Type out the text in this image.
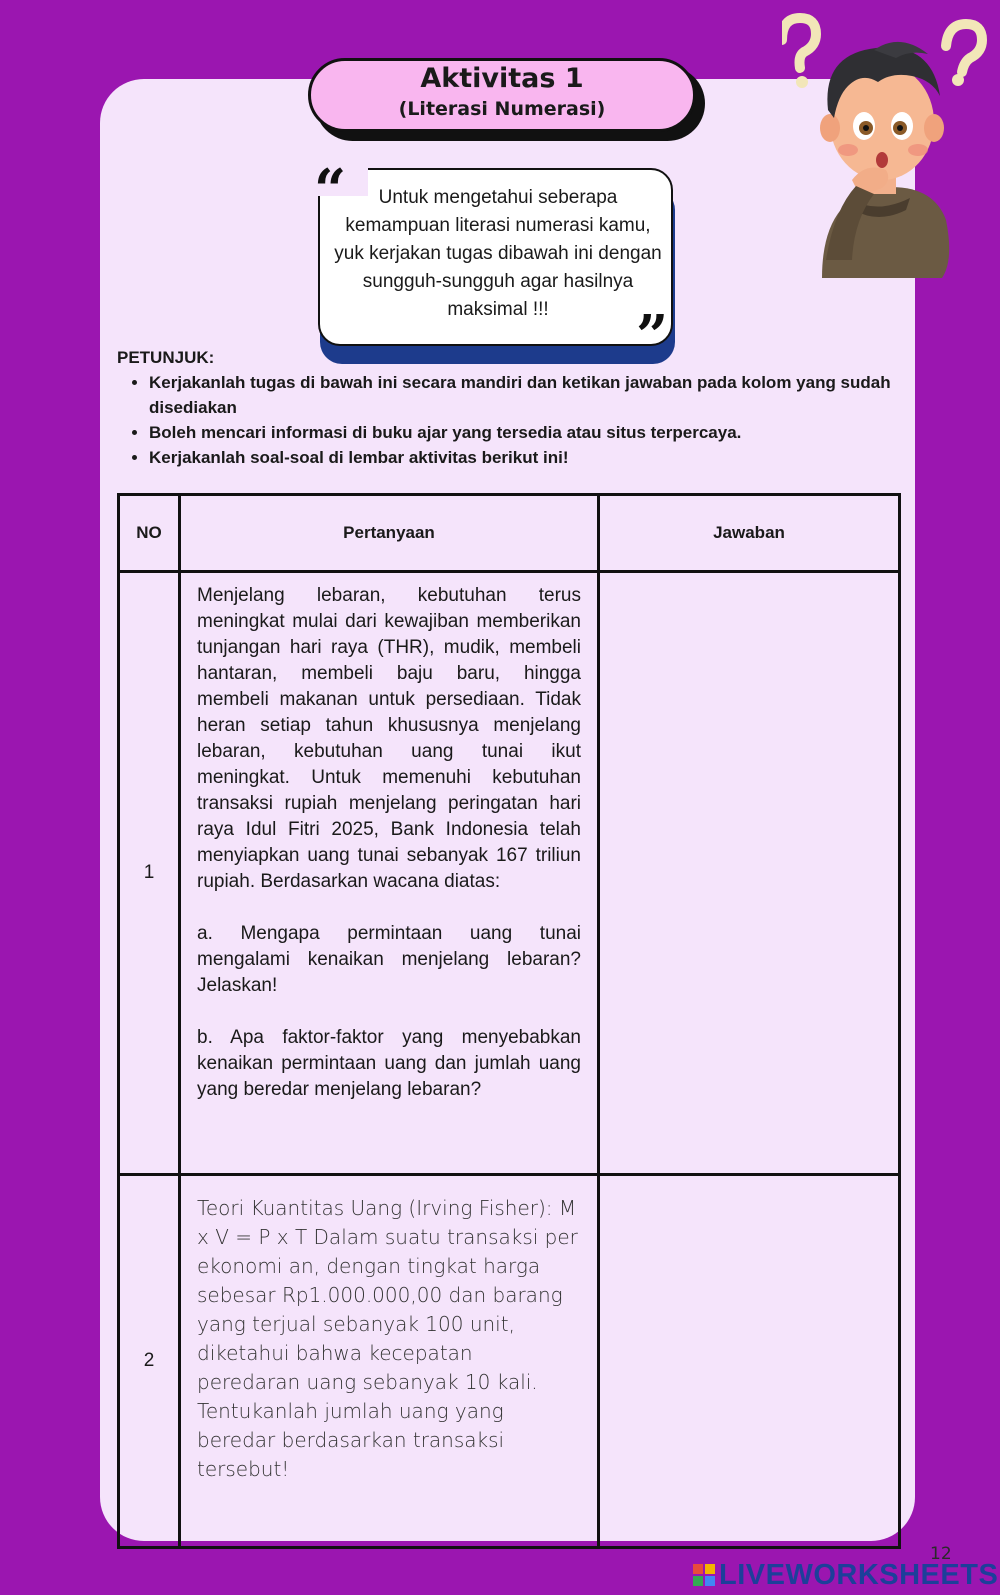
Aktivitas 1
(Literasi Numerasi)
Untuk mengetahui seberapa kemampuan literasi numerasi kamu, yuk kerjakan tugas dibawah ini dengan sungguh-sungguh agar hasilnya maksimal !!!
“
”
PETUNJUK:
• Kerjakanlah tugas di bawah ini secara mandiri dan ketikan jawaban pada kolom yang sudah disediakan
• Boleh mencari informasi di buku ajar yang tersedia atau situs terpercaya.
• Kerjakanlah soal-soal di lembar aktivitas berikut ini!
NO	Pertanyaan	Jawaban
1	Menjelang lebaran, kebutuhan terus meningkat mulai dari kewajiban memberikan tunjangan hari raya (THR), mudik, membeli hantaran, membeli baju baru, hingga membeli makanan untuk persediaan. Tidak heran setiap tahun khususnya menjelang lebaran, kebutuhan uang tunai ikut meningkat. Untuk memenuhi kebutuhan transaksi rupiah menjelang peringatan hari raya Idul Fitri 2025, Bank Indonesia telah menyiapkan uang tunai sebanyak 167 triliun rupiah. Berdasarkan wacana diatas:

a. Mengapa permintaan uang tunai mengalami kenaikan menjelang lebaran? Jelaskan!

b. Apa faktor-faktor yang menyebabkan kenaikan permintaan uang dan jumlah uang yang beredar menjelang lebaran?	

2	Teori Kuantitas Uang (Irving Fisher): M x V = P x T Dalam suatu transaksi per ekonomi an, dengan tingkat harga sebesar Rp1.000.000,00 dan barang yang terjual sebanyak 100 unit, diketahui bahwa kecepatan peredaran uang sebanyak 10 kali. Tentukanlah jumlah uang yang beredar berdasarkan transaksi tersebut!	
12
LIVEWORKSHEETS
